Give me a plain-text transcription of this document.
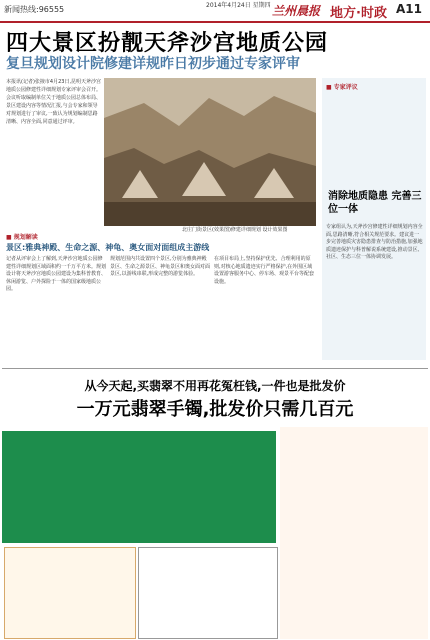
新闻热线:96555	2014年4月24日 星期四 兰州晨报 地方·时政 A11
四大景区扮靓天斧沙宫地质公园
复旦规划设计院修建详规昨日初步通过专家评审
本报讯(记者)张掖市4月23日,昆明天斧沙宫地质公园修建性详细规划专家评审会召开。会议听取编制单位关于地质公园总体布局、景区建设内容等情况汇报,与会专家和领导对规划进行了审议,一致认为规划编制思路清晰、内容全面,同意通过评审。
北庄门街景区(效果图)修建详细规划 设计效果图
■ 专家评议
消除地质隐患 完善三位一体
专家组认为,天斧沙宫修建性详细规划内容全面,思路清晰,符合相关规范要求。建议进一步完善地质灾害隐患排查与防治措施,加强地质遗迹保护与科普解说系统建设,推动景区、社区、生态三位一体协调发展。
■ 规划解读
景区:雅典神殿、生命之源、神龟、奥女面对面组成主游线
记者从评审会上了解到,天斧沙宫地质公园修建性详细规划区域面积约一千万平方米。规划设计将天斧沙宫地质公园建设为集科普教育、休闲游览、户外探险于一体的国家级地质公园。
规划范围内共设置四个景区,分别为雅典神殿景区、生命之源景区、神龟景区和奥女面对面景区,以游线串联,形成完整的游览体验。
在项目布局上,坚持保护优先、合理利用的原则,对核心地质遗迹实行严格保护,在外围区域设置游客服务中心、停车场、观景平台等配套设施。
从今天起,买翡翠不用再花冤枉钱,一件也是批发价
一万元翡翠手镯,批发价只需几百元
